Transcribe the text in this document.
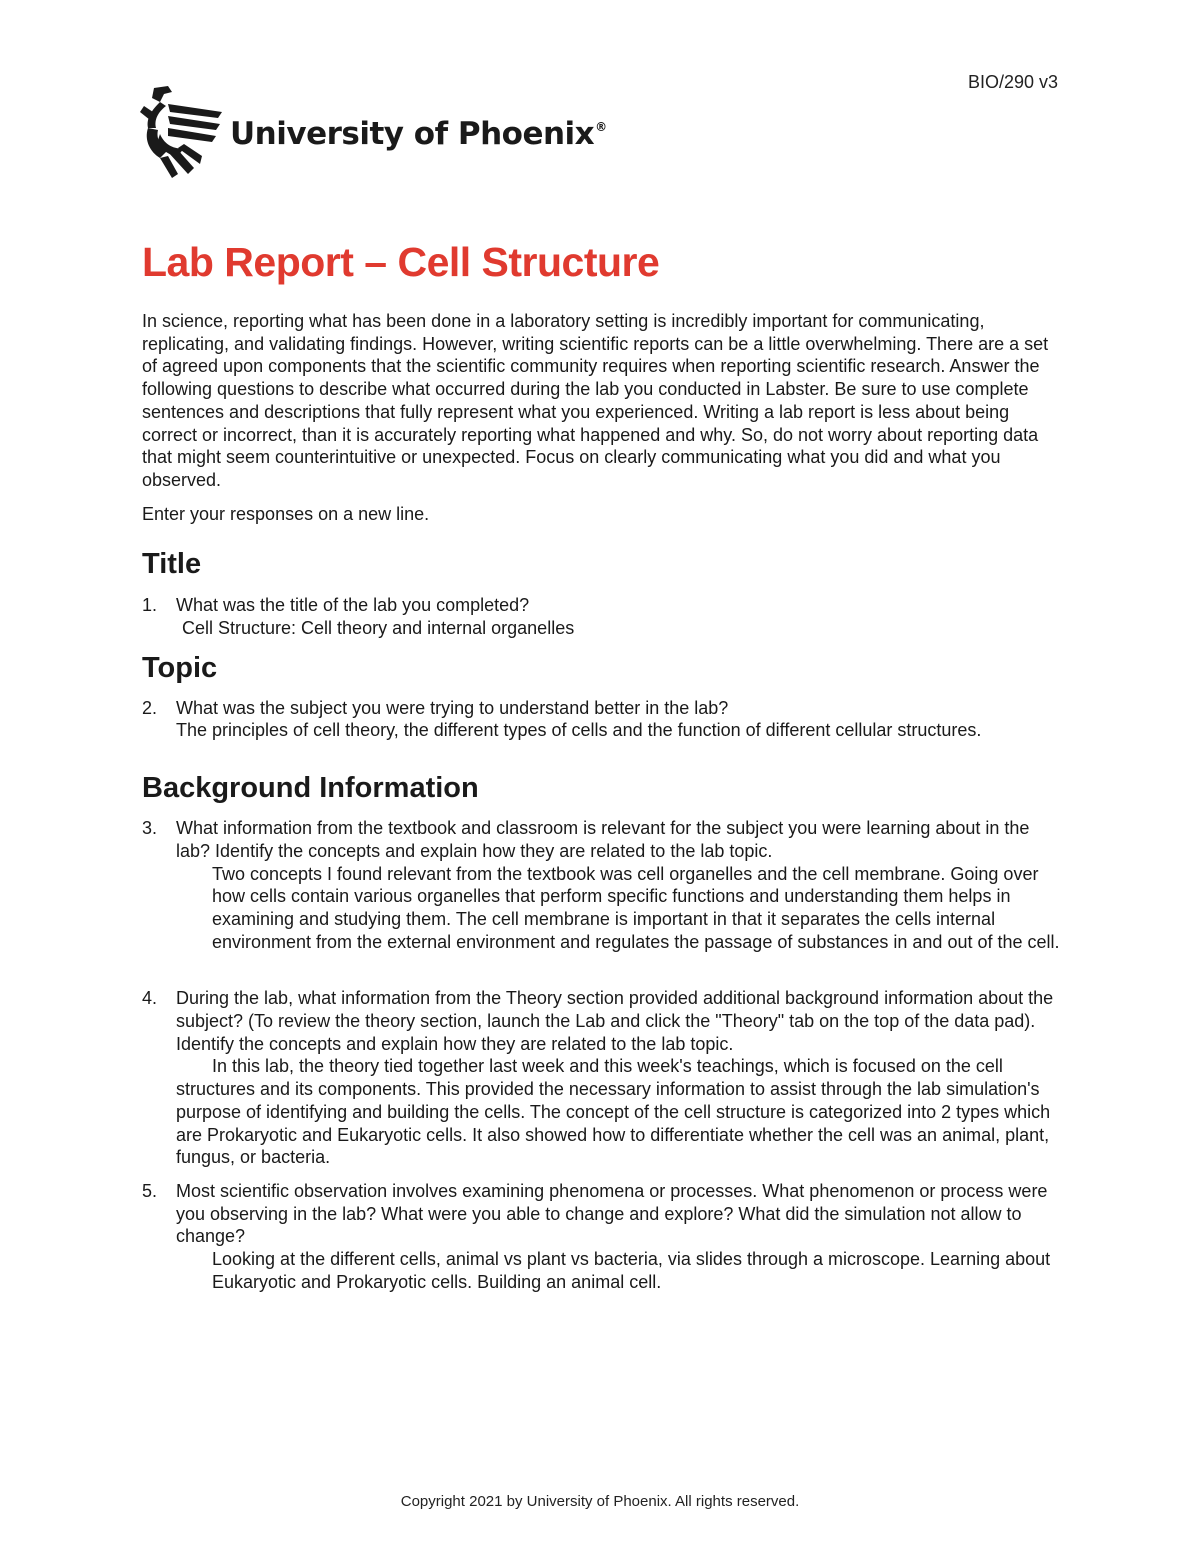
BIO/290 v3
University of Phoenix®
Lab Report – Cell Structure

In science, reporting what has been done in a laboratory setting is incredibly important for communicating, replicating, and validating findings. However, writing scientific reports can be a little overwhelming. There are a set of agreed upon components that the scientific community requires when reporting scientific research. Answer the following questions to describe what occurred during the lab you conducted in Labster. Be sure to use complete sentences and descriptions that fully represent what you experienced. Writing a lab report is less about being correct or incorrect, than it is accurately reporting what happened and why. So, do not worry about reporting data that might seem counterintuitive or unexpected. Focus on clearly communicating what you did and what you observed.

Enter your responses on a new line.

Title
1. What was the title of the lab you completed?
Cell Structure: Cell theory and internal organelles
Topic
2. What was the subject you were trying to understand better in the lab?
The principles of cell theory, the different types of cells and the function of different cellular structures.
Background Information
3. What information from the textbook and classroom is relevant for the subject you were learning about in the lab? Identify the concepts and explain how they are related to the lab topic.
Two concepts I found relevant from the textbook was cell organelles and the cell membrane. Going over how cells contain various organelles that perform specific functions and understanding them helps in examining and studying them. The cell membrane is important in that it separates the cells internal environment from the external environment and regulates the passage of substances in and out of the cell.
4. During the lab, what information from the Theory section provided additional background information about the subject? (To review the theory section, launch the Lab and click the "Theory" tab on the top of the data pad). Identify the concepts and explain how they are related to the lab topic.
In this lab, the theory tied together last week and this week's teachings, which is focused on the cell structures and its components. This provided the necessary information to assist through the lab simulation's purpose of identifying and building the cells. The concept of the cell structure is categorized into 2 types which are Prokaryotic and Eukaryotic cells. It also showed how to differentiate whether the cell was an animal, plant, fungus, or bacteria.
5. Most scientific observation involves examining phenomena or processes. What phenomenon or process were you observing in the lab? What were you able to change and explore? What did the simulation not allow to change?
Looking at the different cells, animal vs plant vs bacteria, via slides through a microscope. Learning about Eukaryotic and Prokaryotic cells. Building an animal cell.
Copyright 2021 by University of Phoenix. All rights reserved.
